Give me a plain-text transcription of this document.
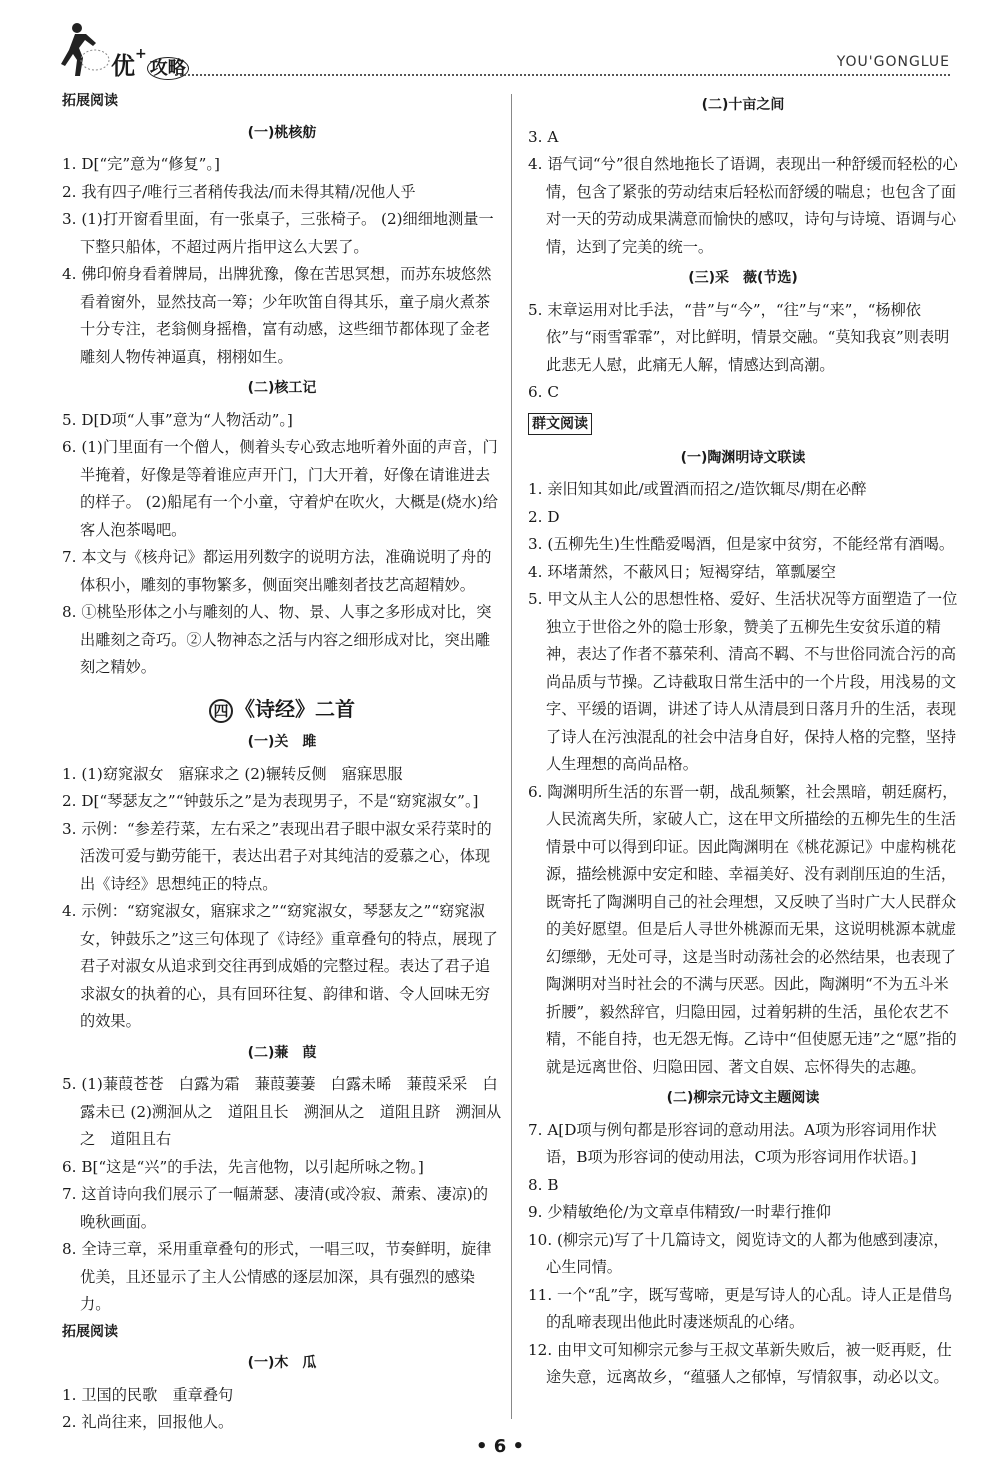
优+攻略	YOU'GONGLUE

拓展阅读

(一)桃核舫

1. D[“完”意为“修复”。]

2. 我有四子/唯行三者稍传我法/而未得其精/况他人乎

3. (1)打开窗看里面，有一张桌子，三张椅子。 (2)细细地测量一下整只船体，不超过两片指甲这么大罢了。

4. 佛印俯身看着牌局，出牌犹豫，像在苦思冥想，而苏东坡悠然看着窗外，显然技高一筹；少年吹笛自得其乐，童子扇火煮茶十分专注，老翁侧身摇橹，富有动感，这些细节都体现了金老雕刻人物传神逼真，栩栩如生。

(二)核工记

5. D[D项“人事”意为“人物活动”。]

6. (1)门里面有一个僧人，侧着头专心致志地听着外面的声音，门半掩着，好像是等着谁应声开门，门大开着，好像在请谁进去的样子。 (2)船尾有一个小童，守着炉在吹火，大概是(烧水)给客人泡茶喝吧。

7. 本文与《核舟记》都运用列数字的说明方法，准确说明了舟的体积小，雕刻的事物繁多，侧面突出雕刻者技艺高超精妙。

8. ①桃坠形体之小与雕刻的人、物、景、人事之多形成对比，突出雕刻之奇巧。②人物神态之活与内容之细形成对比，突出雕刻之精妙。

四 《诗经》二首

(一)关　雎

1. (1)窈窕淑女　寤寐求之 (2)辗转反侧　寤寐思服

2. D[“琴瑟友之”“钟鼓乐之”是为表现男子，不是“窈窕淑女”。]

3. 示例：“参差荇菜，左右采之”表现出君子眼中淑女采荇菜时的活泼可爱与勤劳能干，表达出君子对其纯洁的爱慕之心，体现出《诗经》思想纯正的特点。

4. 示例：“窈窕淑女，寤寐求之”“窈窕淑女，琴瑟友之”“窈窕淑女，钟鼓乐之”这三句体现了《诗经》重章叠句的特点，展现了君子对淑女从追求到交往再到成婚的完整过程。表达了君子追求淑女的执着的心，具有回环往复、韵律和谐、令人回味无穷的效果。

(二)蒹　葭

5. (1)蒹葭苍苍　白露为霜　蒹葭萋萋　白露未晞　蒹葭采采　白露未已 (2)溯洄从之　道阻且长　溯洄从之　道阻且跻　溯洄从之　道阻且右

6. B[“这是“兴”的手法，先言他物，以引起所咏之物。]

7. 这首诗向我们展示了一幅萧瑟、凄清(或冷寂、萧索、凄凉)的晚秋画面。

8. 全诗三章，采用重章叠句的形式，一唱三叹，节奏鲜明，旋律优美，且还显示了主人公情感的逐层加深，具有强烈的感染力。

拓展阅读

(一)木　瓜

1. 卫国的民歌　重章叠句

2. 礼尚往来，回报他人。

(二)十亩之间

3. A

4. 语气词“兮”很自然地拖长了语调，表现出一种舒缓而轻松的心情，包含了紧张的劳动结束后轻松而舒缓的喘息；也包含了面对一天的劳动成果满意而愉快的感叹，诗句与诗境、语调与心情，达到了完美的统一。

(三)采　薇(节选)

5. 末章运用对比手法，“昔”与“今”，“往”与“来”，“杨柳依依”与“雨雪霏霏”，对比鲜明，情景交融。“莫知我哀”则表明此悲无人慰，此痛无人解，情感达到高潮。

6. C

群文阅读

(一)陶渊明诗文联读

1. 亲旧知其如此/或置酒而招之/造饮辄尽/期在必醉

2. D

3. (五柳先生)生性酷爱喝酒，但是家中贫穷，不能经常有酒喝。

4. 环堵萧然，不蔽风日；短褐穿结，箪瓢屡空

5. 甲文从主人公的思想性格、爱好、生活状况等方面塑造了一位独立于世俗之外的隐士形象，赞美了五柳先生安贫乐道的精神，表达了作者不慕荣利、清高不羁、不与世俗同流合污的高尚品质与节操。乙诗截取日常生活中的一个片段，用浅易的文字、平缓的语调，讲述了诗人从清晨到日落月升的生活，表现了诗人在污浊混乱的社会中洁身自好，保持人格的完整，坚持人生理想的高尚品格。

6. 陶渊明所生活的东晋一朝，战乱频繁，社会黑暗，朝廷腐朽，人民流离失所，家破人亡，这在甲文所描绘的五柳先生的生活情景中可以得到印证。因此陶渊明在《桃花源记》中虚构桃花源，描绘桃源中安定和睦、幸福美好、没有剥削压迫的生活，既寄托了陶渊明自己的社会理想，又反映了当时广大人民群众的美好愿望。但是后人寻世外桃源而无果，这说明桃源本就虚幻缥缈，无处可寻，这是当时动荡社会的必然结果，也表现了陶渊明对当时社会的不满与厌恶。因此，陶渊明“不为五斗米折腰”，毅然辞官，归隐田园，过着躬耕的生活，虽伦农艺不精，不能自持，也无怨无悔。乙诗中“但使愿无违”之“愿”指的就是远离世俗、归隐田园、著文自娱、忘怀得失的志趣。

(二)柳宗元诗文主题阅读

7. A[D项与例句都是形容词的意动用法。A项为形容词用作状语，B项为形容词的使动用法，C项为形容词用作状语。]

8. B

9. 少精敏绝伦/为文章卓伟精致/一时辈行推仰

10. (柳宗元)写了十几篇诗文，阅览诗文的人都为他感到凄凉，心生同情。

11. 一个“乱”字，既写莺啼，更是写诗人的心乱。诗人正是借鸟的乱啼表现出他此时凄迷烦乱的心绪。

12. 由甲文可知柳宗元参与王叔文革新失败后，被一贬再贬，仕途失意，远离故乡，“蕴骚人之郁悼，写情叙事，动必以文。

• 6 •
